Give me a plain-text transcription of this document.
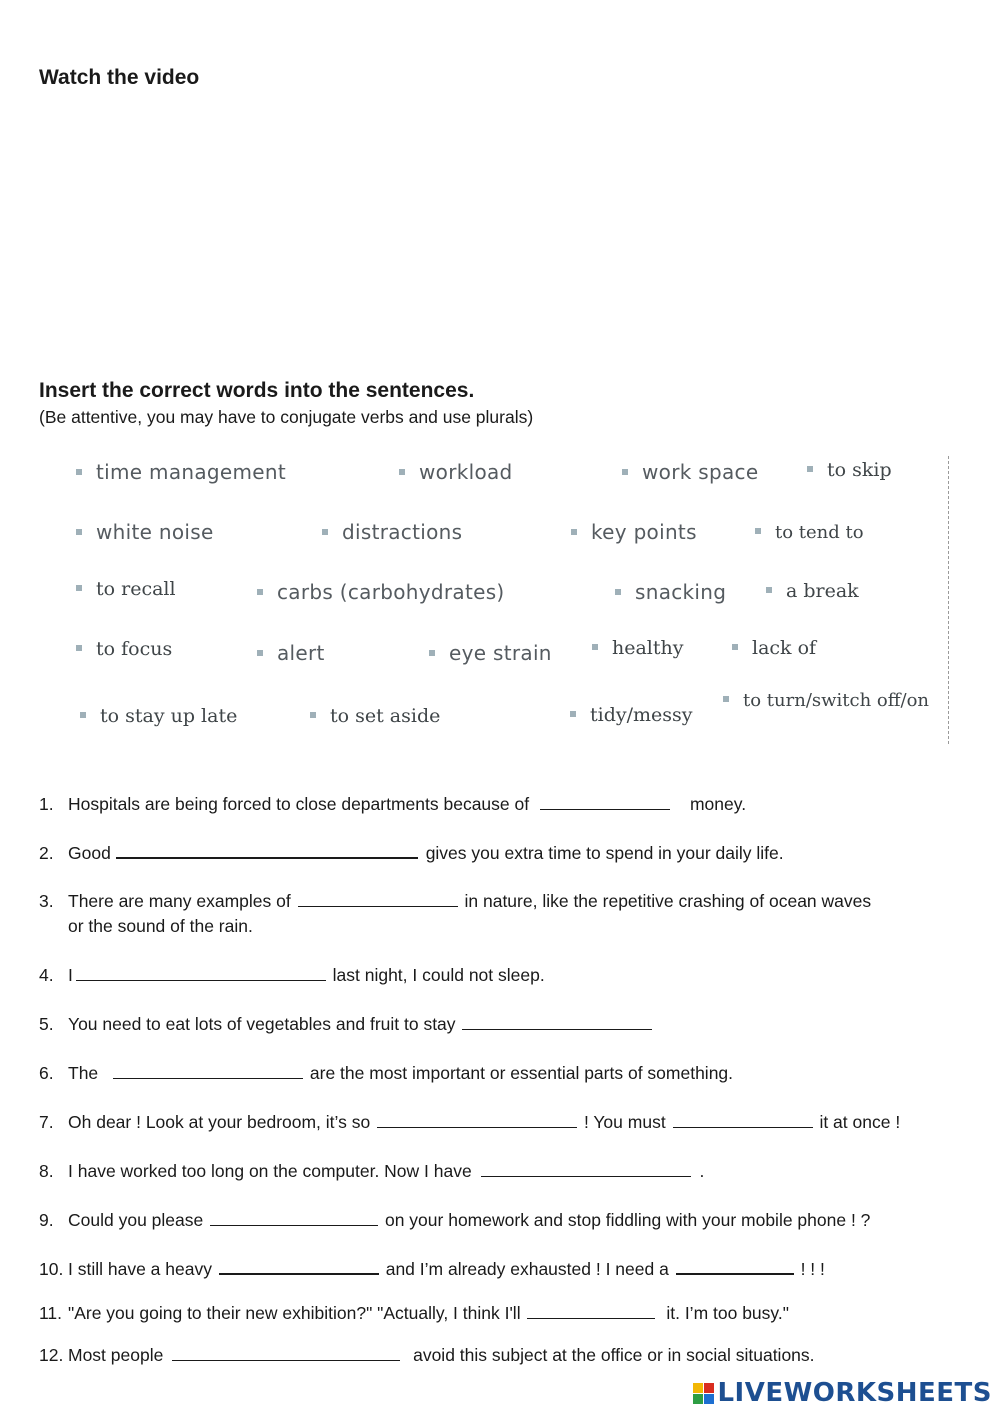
Watch the video
Insert the correct words into the sentences.

(Be attentive, you may have to conjugate verbs and use plurals)

time management	workload	work space	to skip
white noise	distractions	key points	to tend to
to recall	carbs (carbohydrates)	snacking	a break
to focus	alert	eye strain	healthy	lack of
to stay up late	to set aside	tidy/messy
to turn/switch off/on
1. Hospitals are being forced to close departments because of	money.
2. Good	gives you extra time to spend in your daily life.
3. There are many examples of	in nature, like the repetitive crashing of ocean waves
or the sound of the rain.
4. I	last night, I could not sleep.
5. You need to eat lots of vegetables and fruit to stay
6. The	are the most important or essential parts of something.
7. Oh dear ! Look at your bedroom, it’s so	! You must	it at once !
8. I have worked too long on the computer. Now I have	.
9. Could you please	on your homework and stop fiddling with your mobile phone ! ?
10. I still have a heavy	and I’m already exhausted ! I need a	! ! !
11. "Are you going to their new exhibition?" "Actually, I think I'll	it. I’m too busy."
12. Most people	avoid this subject at the office or in social situations.
LIVEWORKSHEETS
